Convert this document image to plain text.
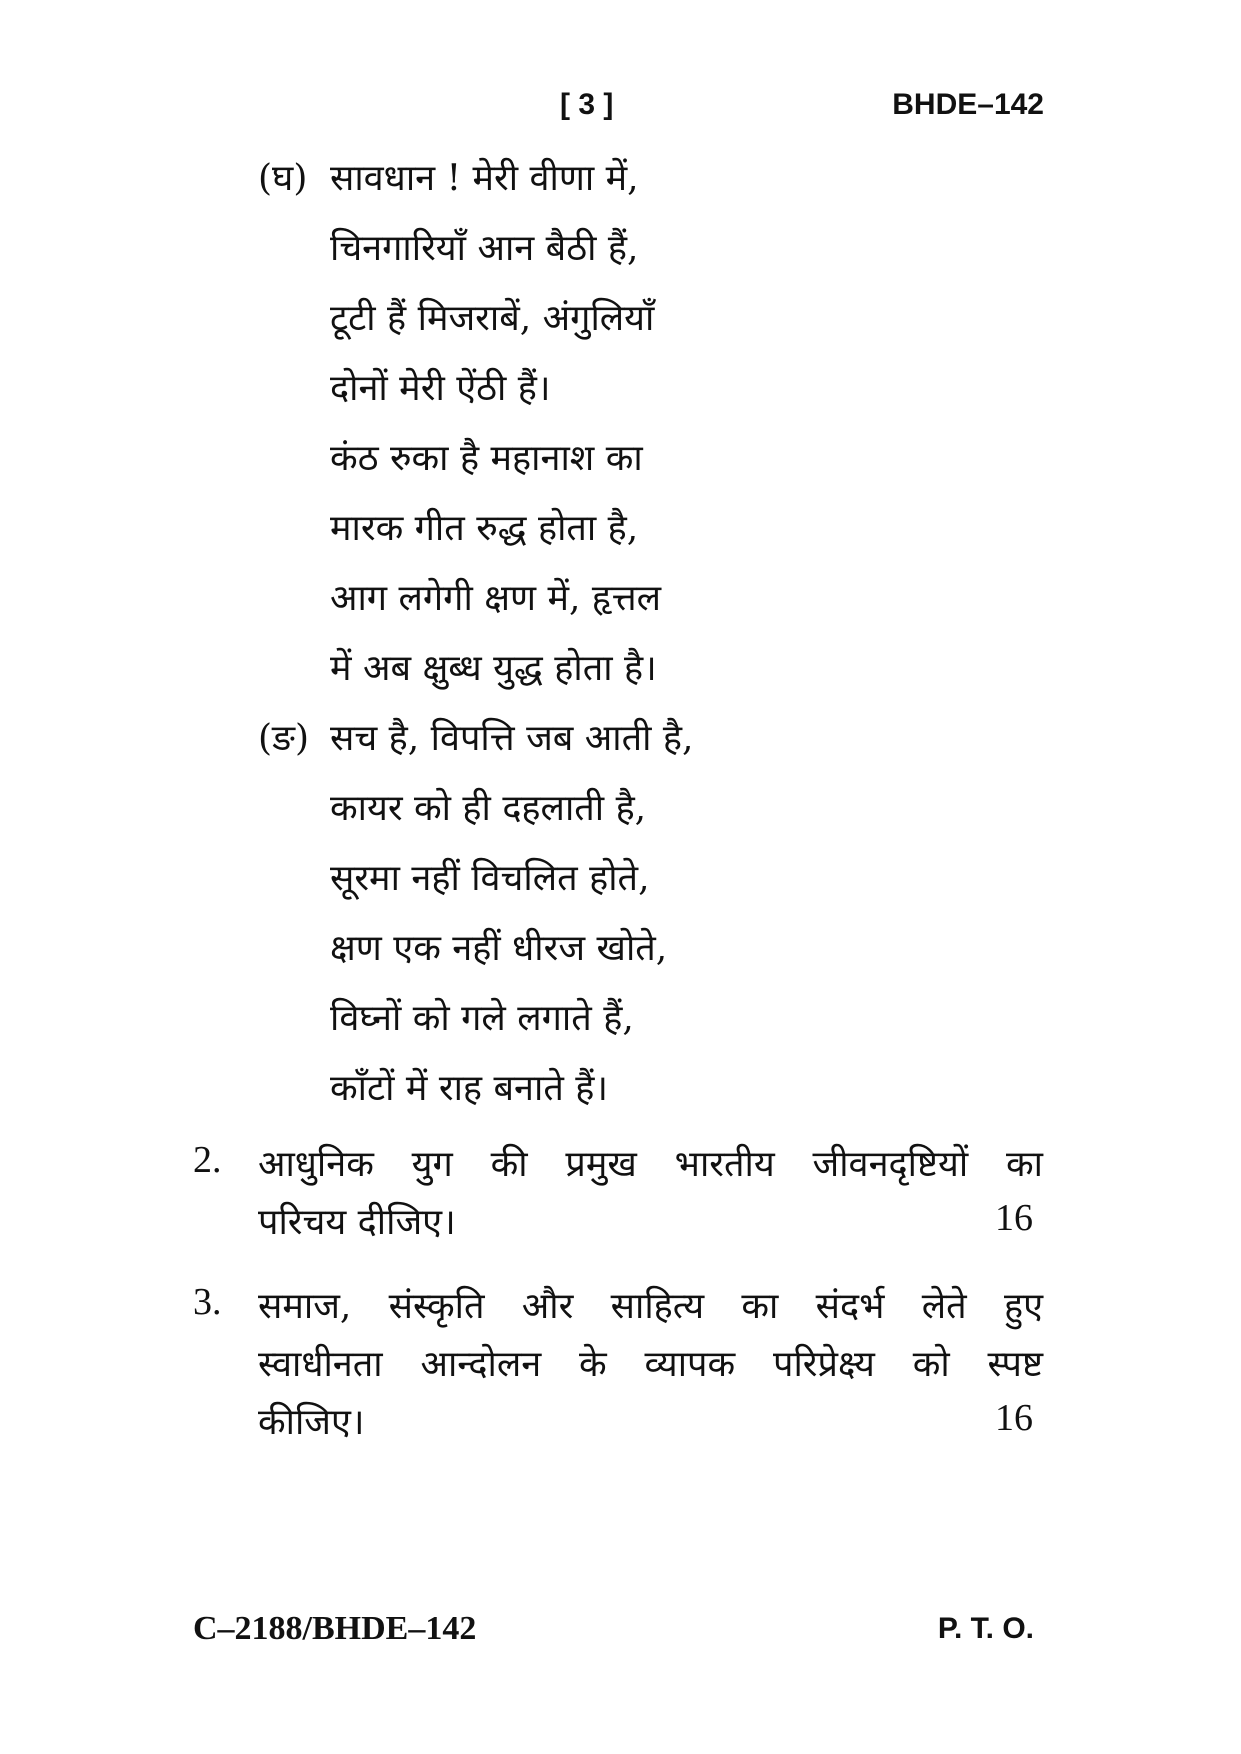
[ 3 ]	BHDE–142
(घ) सावधान ! मेरी वीणा में,
चिनगारियाँ आन बैठी हैं,
टूटी हैं मिजराबें, अंगुलियाँ
दोनों मेरी ऐंठी हैं।
कंठ रुका है महानाश का
मारक गीत रुद्ध होता है,
आग लगेगी क्षण में, हृत्तल
में अब क्षुब्ध युद्ध होता है।
(ङ) सच है, विपत्ति जब आती है,
कायर को ही दहलाती है,
सूरमा नहीं विचलित होते,
क्षण एक नहीं धीरज खोते,
विघ्नों को गले लगाते हैं,
काँटों में राह बनाते हैं।
2. आधुनिक युग की प्रमुख भारतीय जीवनदृष्टियों का
परिचय दीजिए।	16
3. समाज, संस्कृति और साहित्य का संदर्भ लेते हुए
स्वाधीनता आन्दोलन के व्यापक परिप्रेक्ष्य को स्पष्ट
कीजिए।	16
C–2188/BHDE–142	P. T. O.
